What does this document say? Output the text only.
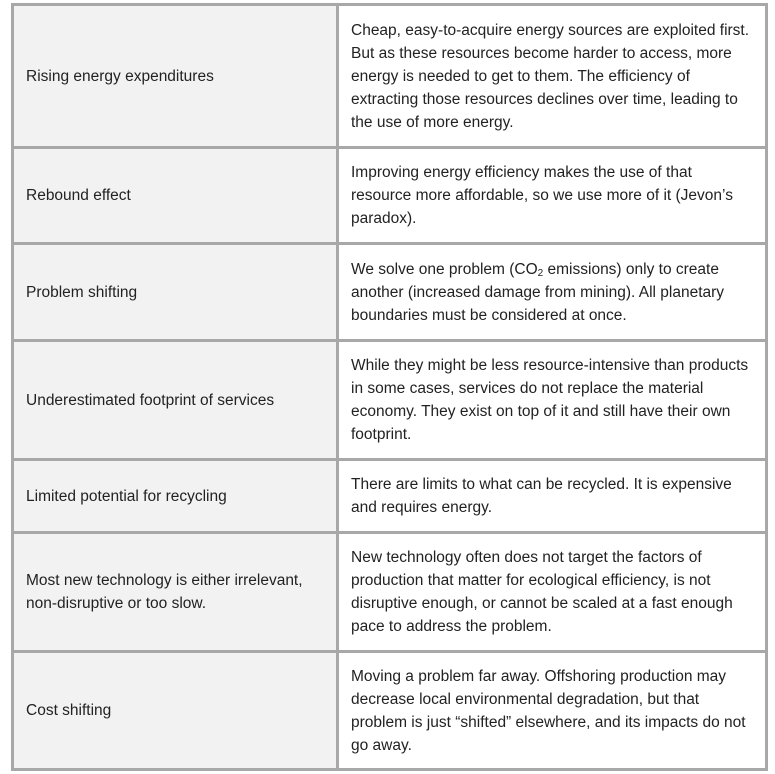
Rising energy expenditures	Cheap, easy-to-acquire energy sources are exploited first. But as these resources become harder to access, more energy is needed to get to them. The efficiency of extracting those resources declines over time, leading to the use of more energy.
Rebound effect	Improving energy efficiency makes the use of that resource more affordable, so we use more of it (Jevon’s paradox).
Problem shifting	We solve one problem ($CO_2$ emissions) only to create another (increased damage from mining). All planetary boundaries must be considered at once.
Underestimated footprint of services	While they might be less resource-intensive than products in some cases, services do not replace the material economy. They exist on top of it and still have their own footprint.
Limited potential for recycling	There are limits to what can be recycled. It is expensive and requires energy.
Most new technology is either irrelevant, non-disruptive or too slow.	New technology often does not target the factors of production that matter for ecological efficiency, is not disruptive enough, or cannot be scaled at a fast enough pace to address the problem.
Cost shifting	Moving a problem far away. Offshoring production may decrease local environmental degradation, but that problem is just “shifted” elsewhere, and its impacts do not go away.
